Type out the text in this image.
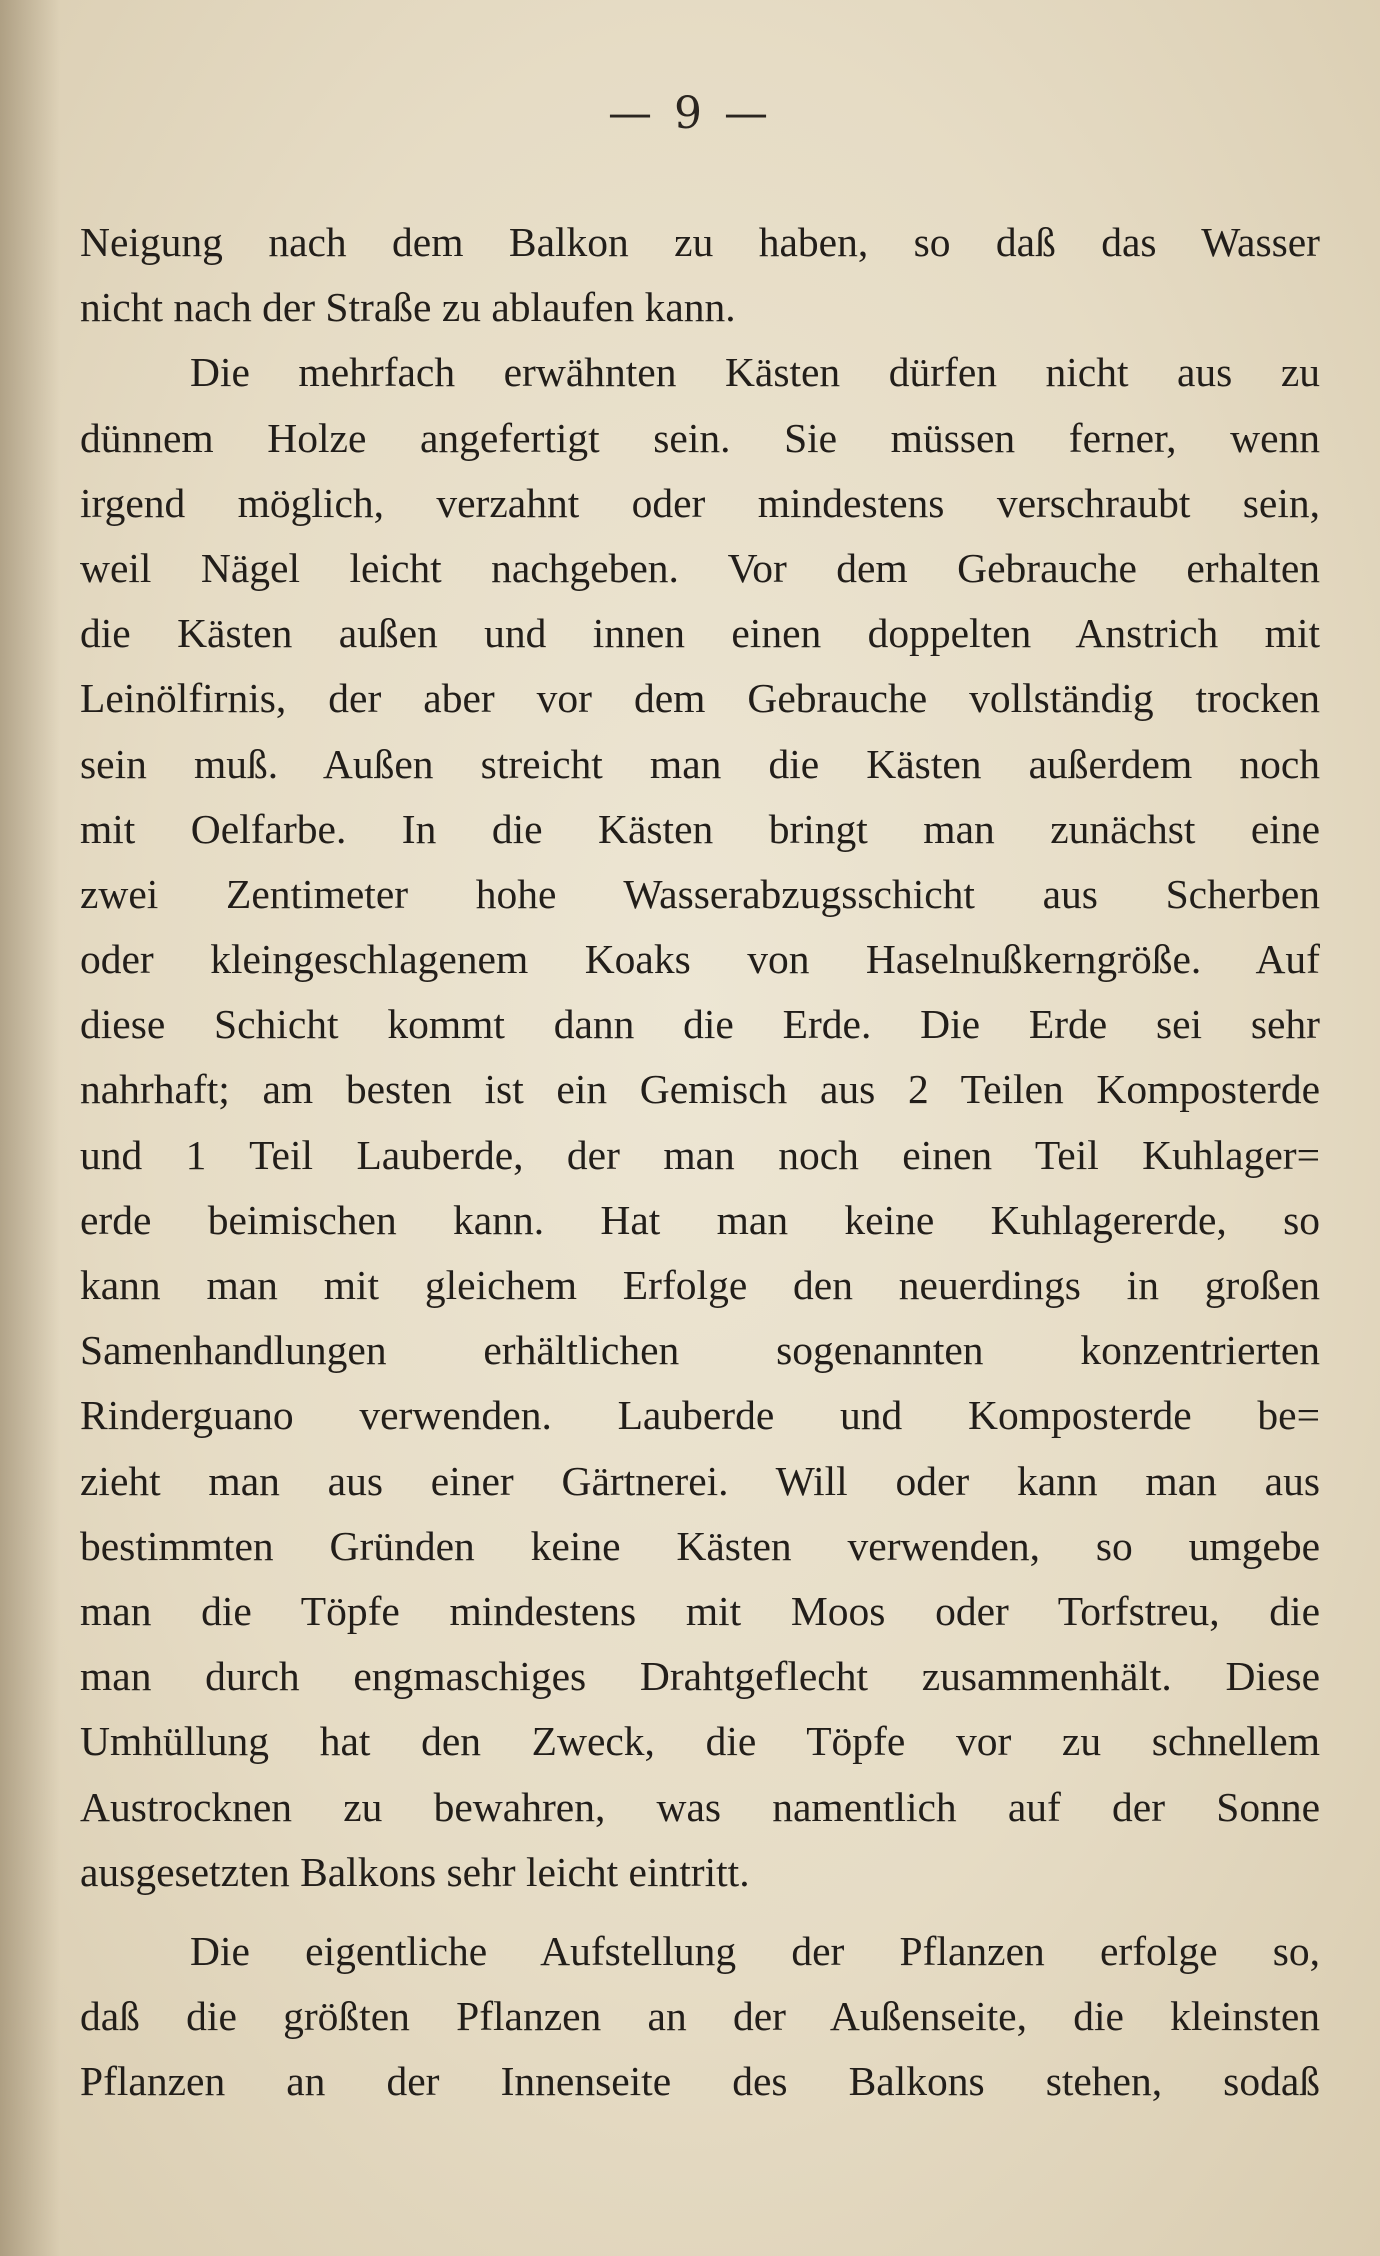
— 9 —
Neigung nach dem Balkon zu haben, so daß das Wasser
nicht nach der Straße zu ablaufen kann.
Die mehrfach erwähnten Kästen dürfen nicht aus zu
dünnem Holze angefertigt sein. Sie müssen ferner, wenn
irgend möglich, verzahnt oder mindestens verschraubt sein,
weil Nägel leicht nachgeben. Vor dem Gebrauche erhalten
die Kästen außen und innen einen doppelten Anstrich mit
Leinölfirnis, der aber vor dem Gebrauche vollständig trocken
sein muß. Außen streicht man die Kästen außerdem noch
mit Oelfarbe. In die Kästen bringt man zunächst eine
zwei Zentimeter hohe Wasserabzugsschicht aus Scherben
oder kleingeschlagenem Koaks von Haselnußkerngröße. Auf
diese Schicht kommt dann die Erde. Die Erde sei sehr
nahrhaft; am besten ist ein Gemisch aus 2 Teilen Komposterde
und 1 Teil Lauberde, der man noch einen Teil Kuhlager=
erde beimischen kann. Hat man keine Kuhlagererde, so
kann man mit gleichem Erfolge den neuerdings in großen
Samenhandlungen erhältlichen sogenannten konzentrierten
Rinderguano verwenden. Lauberde und Komposterde be=
zieht man aus einer Gärtnerei. Will oder kann man aus
bestimmten Gründen keine Kästen verwenden, so umgebe
man die Töpfe mindestens mit Moos oder Torfstreu, die
man durch engmaschiges Drahtgeflecht zusammenhält. Diese
Umhüllung hat den Zweck, die Töpfe vor zu schnellem
Austrocknen zu bewahren, was namentlich auf der Sonne
ausgesetzten Balkons sehr leicht eintritt.
Die eigentliche Aufstellung der Pflanzen erfolge so,
daß die größten Pflanzen an der Außenseite, die kleinsten
Pflanzen an der Innenseite des Balkons stehen, sodaß
